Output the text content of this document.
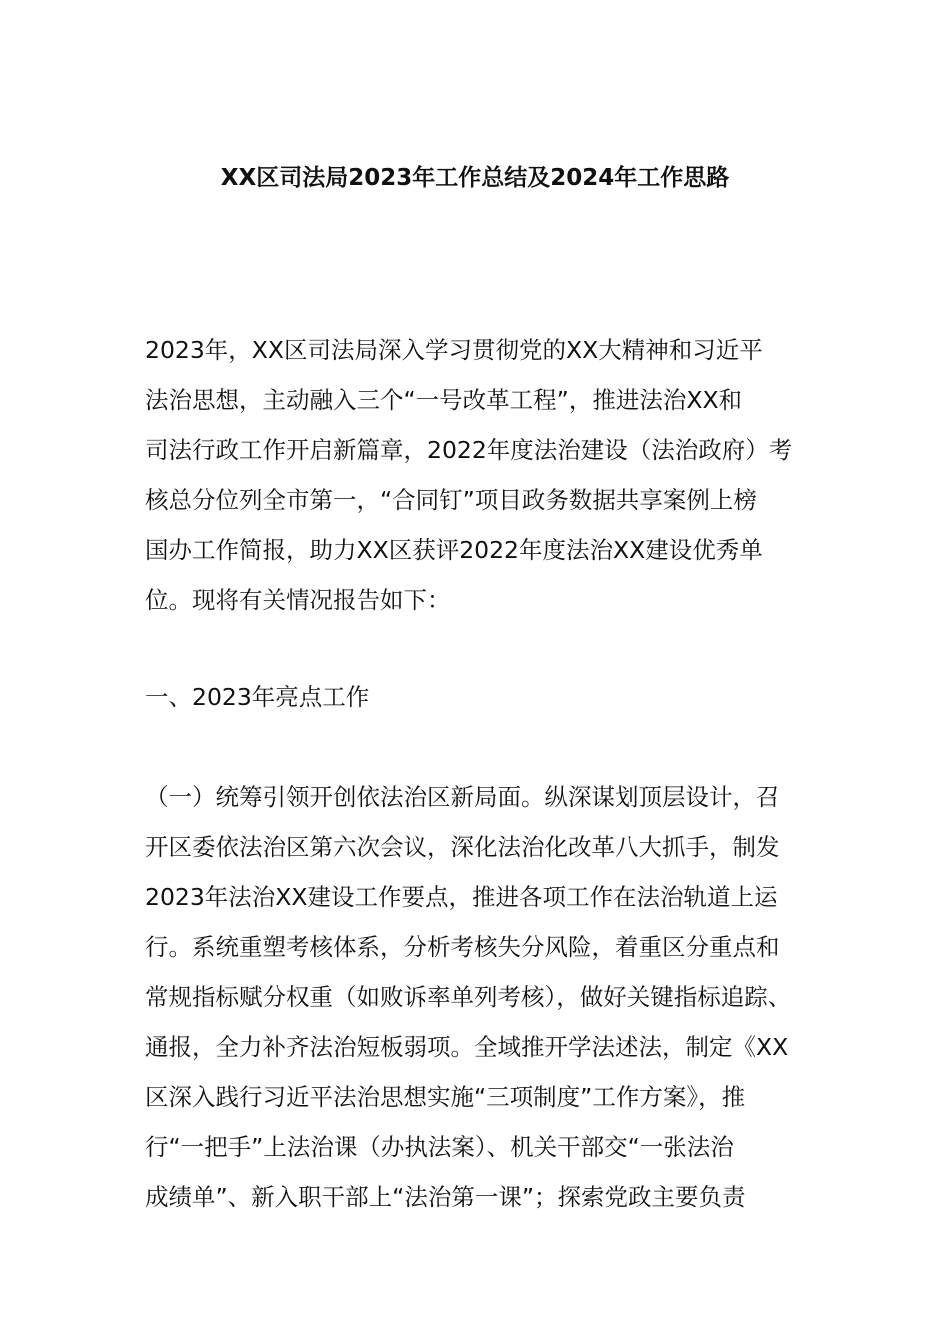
XX区司法局2023年工作总结及2024年工作思路
2023年，XX区司法局深入学习贯彻党的XX大精神和习近平
法治思想，主动融入三个“一号改革工程”，推进法治XX和
司法行政工作开启新篇章，2022年度法治建设（法治政府）考
核总分位列全市第一，“合同钉”项目政务数据共享案例上榜
国办工作简报，助力XX区获评2022年度法治XX建设优秀单
位。现将有关情况报告如下：
一、2023年亮点工作
（一）统筹引领开创依法治区新局面。纵深谋划顶层设计，召
开区委依法治区第六次会议，深化法治化改革八大抓手，制发
2023年法治XX建设工作要点，推进各项工作在法治轨道上运
行。系统重塑考核体系，分析考核失分风险，着重区分重点和
常规指标赋分权重（如败诉率单列考核），做好关键指标追踪、
通报，全力补齐法治短板弱项。全域推开学法述法，制定《XX
区深入践行习近平法治思想实施“三项制度”工作方案》，推
行“一把手”上法治课（办执法案）、机关干部交“一张法治
成绩单”、新入职干部上“法治第一课”；探索党政主要负责
